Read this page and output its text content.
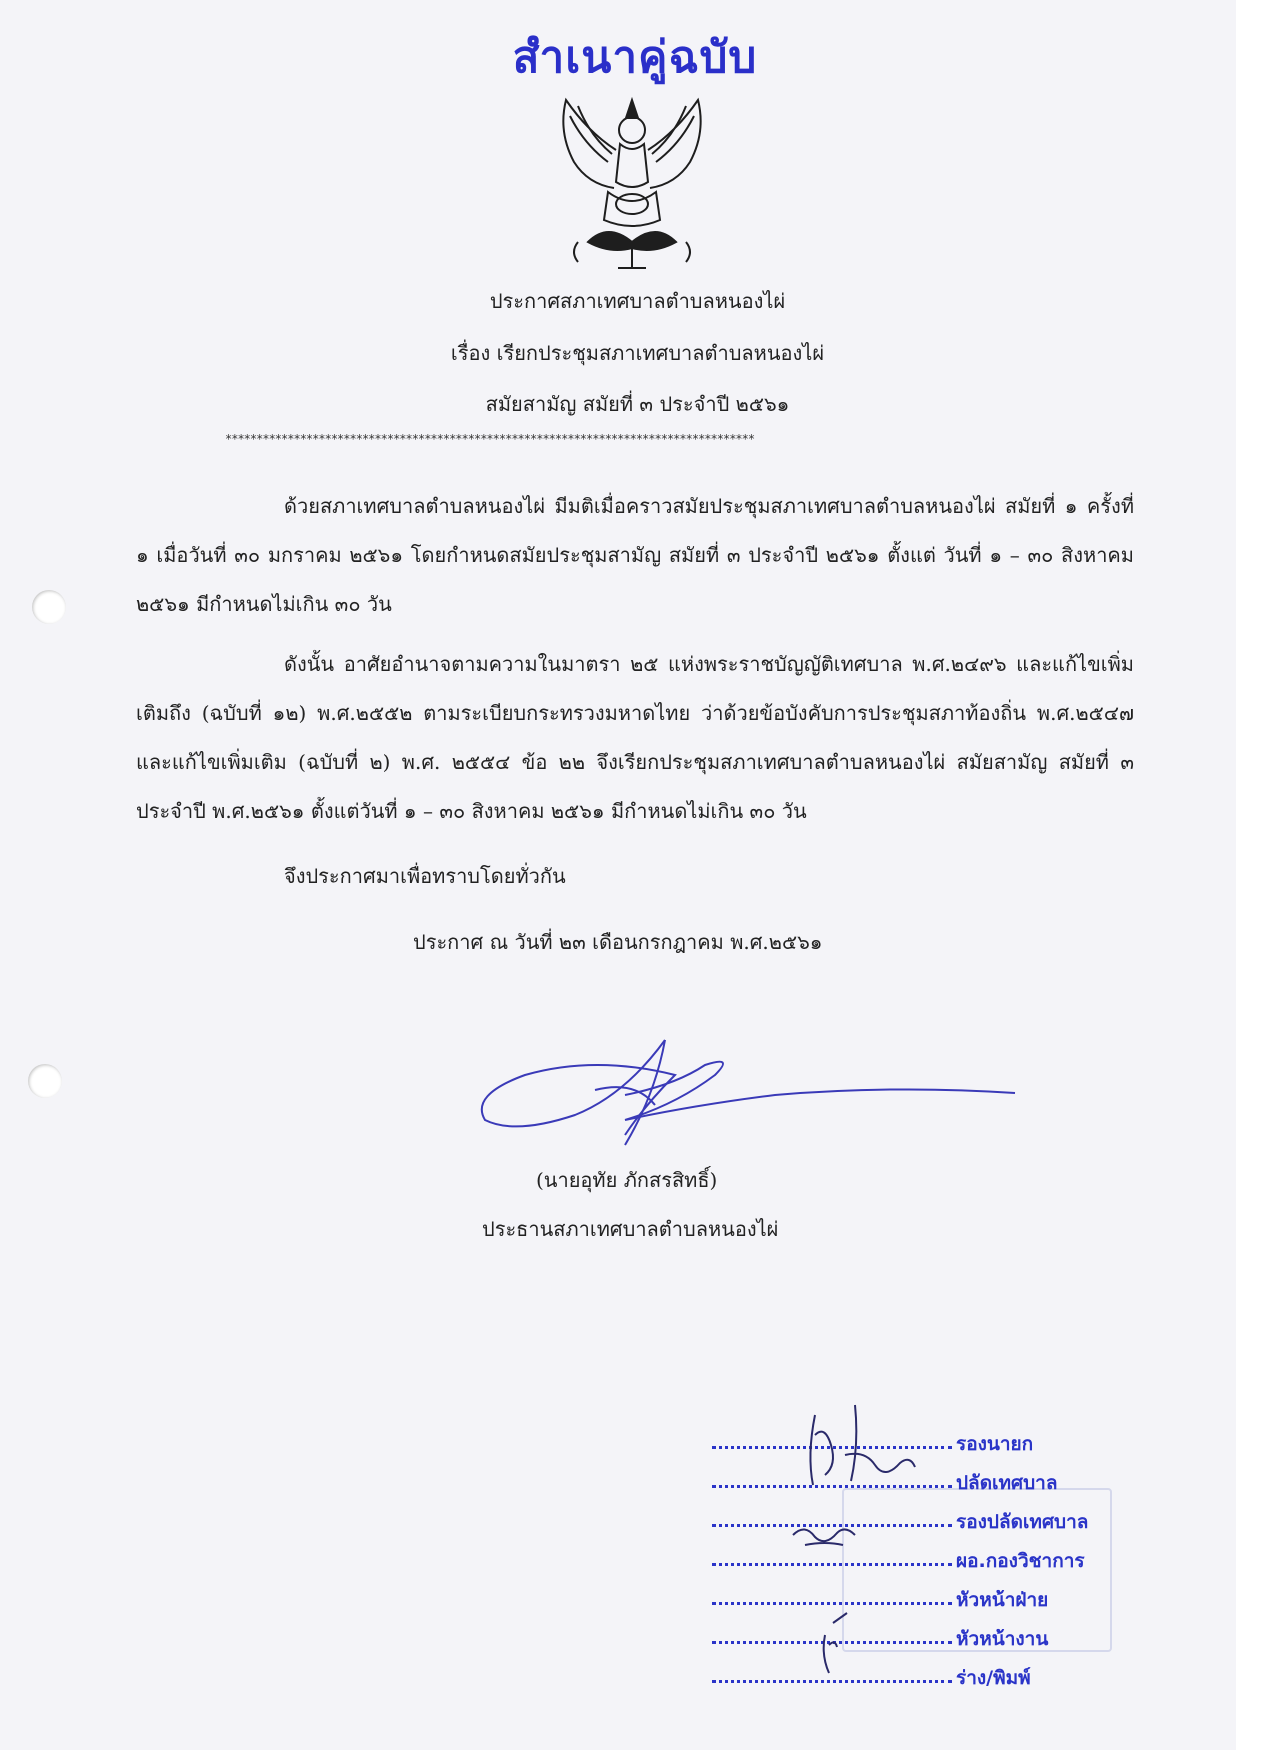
สำเนาคู่ฉบับ
ประกาศสภาเทศบาลตำบลหนองไผ่
เรื่อง เรียกประชุมสภาเทศบาลตำบลหนองไผ่
สมัยสามัญ สมัยที่ ๓ ประจำปี ๒๕๖๑
*************************************************************************************

ด้วยสภาเทศบาลตำบลหนองไผ่ มีมติเมื่อคราวสมัยประชุมสภาเทศบาลตำบลหนองไผ่ สมัยที่ ๑ ครั้งที่ ๑ เมื่อวันที่ ๓๐ มกราคม ๒๕๖๑ โดยกำหนดสมัยประชุมสามัญ สมัยที่ ๓ ประจำปี ๒๕๖๑ ตั้งแต่ วันที่ ๑ – ๓๐ สิงหาคม ๒๕๖๑ มีกำหนดไม่เกิน ๓๐ วัน

ดังนั้น อาศัยอำนาจตามความในมาตรา ๒๕ แห่งพระราชบัญญัติเทศบาล พ.ศ.๒๔๙๖ และแก้ไขเพิ่มเติมถึง (ฉบับที่ ๑๒) พ.ศ.๒๕๕๒ ตามระเบียบกระทรวงมหาดไทย ว่าด้วยข้อบังคับการประชุมสภาท้องถิ่น พ.ศ.๒๕๔๗ และแก้ไขเพิ่มเติม (ฉบับที่ ๒) พ.ศ. ๒๕๕๔ ข้อ ๒๒ จึงเรียกประชุมสภาเทศบาลตำบลหนองไผ่ สมัยสามัญ สมัยที่ ๓ ประจำปี พ.ศ.๒๕๖๑ ตั้งแต่วันที่ ๑ – ๓๐ สิงหาคม ๒๕๖๑ มีกำหนดไม่เกิน ๓๐ วัน

จึงประกาศมาเพื่อทราบโดยทั่วกัน
ประกาศ ณ วันที่ ๒๓ เดือนกรกฎาคม พ.ศ.๒๕๖๑
(นายอุทัย ภักสรสิทธิ์)
ประธานสภาเทศบาลตำบลหนองไผ่
รองนายก
ปลัดเทศบาล
รองปลัดเทศบาล
ผอ.กองวิชาการ
หัวหน้าฝ่าย
หัวหน้างาน
ร่าง/พิมพ์
